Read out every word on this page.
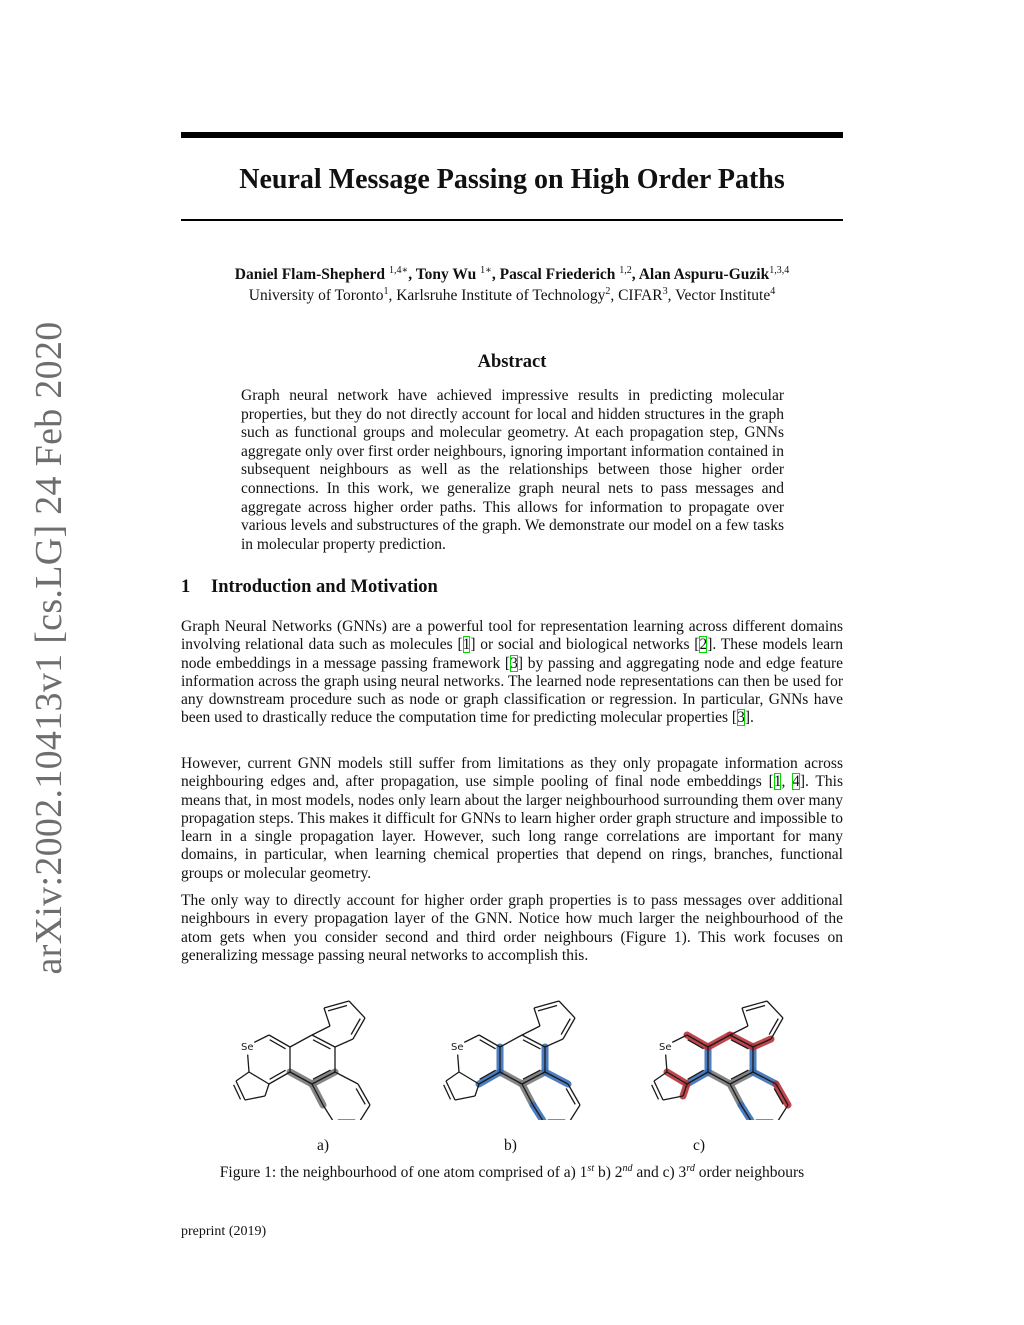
arXiv:2002.10413v1 [cs.LG] 24 Feb 2020
Neural Message Passing on High Order Paths
Daniel Flam-Shepherd $^{1,4∗}$, Tony Wu $^{1∗}$, Pascal Friederich $^{1,2}$, Alan Aspuru-Guzik$^{1,3,4}$
University of Toronto$^1$, Karlsruhe Institute of Technology$^2$, CIFAR$^3$, Vector Institute$^4$
Abstract

Graph neural network have achieved impressive results in predicting molecular properties, but they do not directly account for local and hidden structures in the graph such as functional groups and molecular geometry. At each propagation step, GNNs aggregate only over first order neighbours, ignoring important information contained in subsequent neighbours as well as the relationships between those higher order connections. In this work, we generalize graph neural nets to pass messages and aggregate across higher order paths. This allows for information to propagate over various levels and substructures of the graph. We demonstrate our model on a few tasks in molecular property prediction.

1 Introduction and Motivation

Graph Neural Networks (GNNs) are a powerful tool for representation learning across different domains involving relational data such as molecules [1] or social and biological networks [2]. These models learn node embeddings in a message passing framework [3] by passing and aggregating node and edge feature information across the graph using neural networks. The learned node representations can then be used for any downstream procedure such as node or graph classification or regression. In particular, GNNs have been used to drastically reduce the computation time for predicting molecular properties [3].

However, current GNN models still suffer from limitations as they only propagate information across neighbouring edges and, after propagation, use simple pooling of final node embeddings [1, 4]. This means that, in most models, nodes only learn about the larger neighbourhood surrounding them over many propagation steps. This makes it difficult for GNNs to learn higher order graph structure and impossible to learn in a single propagation layer. However, such long range correlations are important for many domains, in particular, when learning chemical properties that depend on rings, branches, functional groups or molecular geometry.

The only way to directly account for higher order graph properties is to pass messages over additional neighbours in every propagation layer of the GNN. Notice how much larger the neighbourhood of the atom gets when you consider second and third order neighbours (Figure 1). This work focuses on generalizing message passing neural networks to accomplish this.

Se	Se	Se
a)	b)	c)

Figure 1: the neighbourhood of one atom comprised of a) 1st b) 2nd and c) 3rd order neighbours

preprint (2019)
